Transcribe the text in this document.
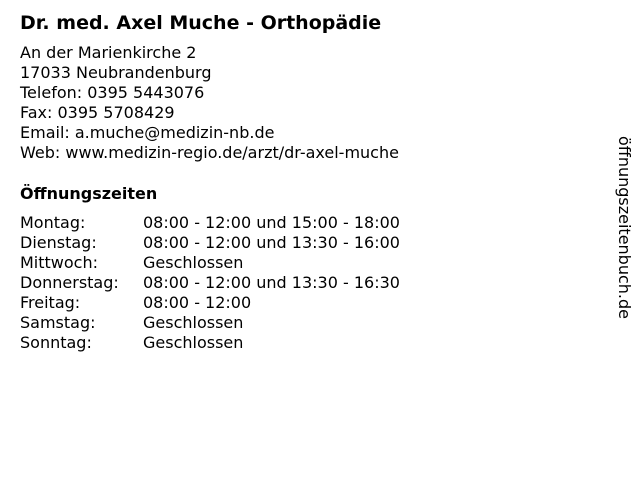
Dr. med. Axel Muche - Orthopädie
An der Marienkirche 2
17033 Neubrandenburg
Telefon: 0395 5443076
Fax: 0395 5708429
Email: a.muche@medizin-nb.de
Web: www.medizin-regio.de/arzt/dr-axel-muche
Öffnungszeiten
Montag:	08:00 - 12:00 und 15:00 - 18:00
Dienstag:	08:00 - 12:00 und 13:30 - 16:00
Mittwoch:	Geschlossen
Donnerstag:	08:00 - 12:00 und 13:30 - 16:30
Freitag:	08:00 - 12:00
Samstag:	Geschlossen
Sonntag:	Geschlossen
öffnungszeitenbuch.de
